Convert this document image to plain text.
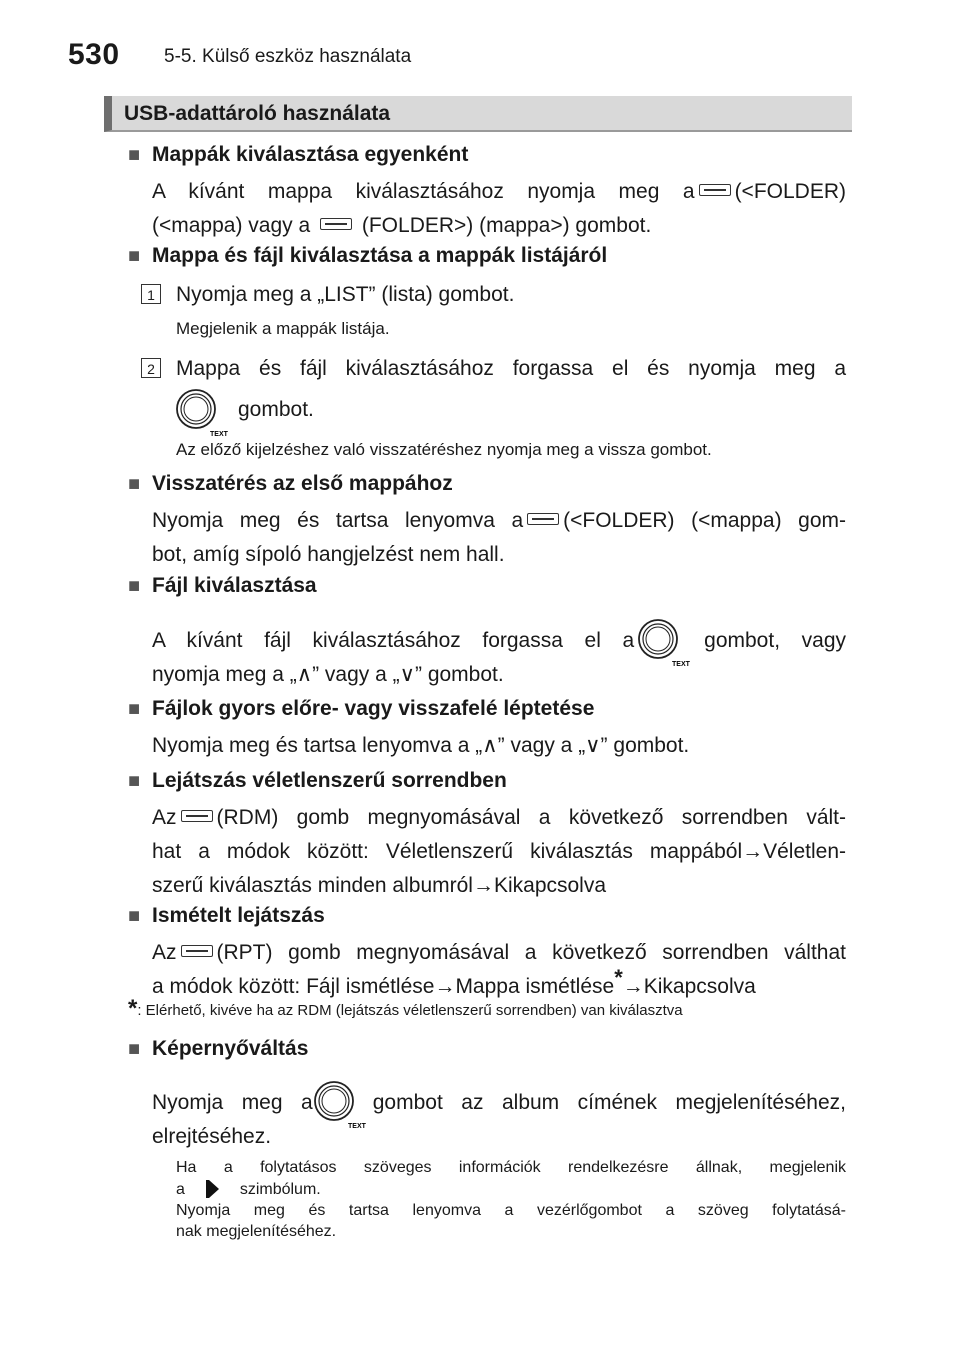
530 5-5. Külső eszköz használata
USB-adattároló használata
■ Mappák kiválasztása egyenként
A kívánt mappa kiválasztásához nyomja meg a (<FOLDER)
(<mappa) vagy a (FOLDER>) (mappa>) gombot.
■ Mappa és fájl kiválasztása a mappák listájáról
1 Nyomja meg a „LIST” (lista) gombot.
Megjelenik a mappák listája.
2 Mappa és fájl kiválasztásához forgassa el és nyomja meg a
TEXT
gombot.
Az előző kijelzéshez való visszatéréshez nyomja meg a vissza gombot.
■ Visszatérés az első mappához
Nyomja meg és tartsa lenyomva a (<FOLDER) (<mappa) gom-
bot, amíg sípoló hangjelzést nem hall.
■ Fájl kiválasztása
A kívánt fájl kiválasztásához forgassa el a	gombot, vagy
TEXT
nyomja meg a „∧” vagy a „∨” gombot.
■ Fájlok gyors előre- vagy visszafelé léptetése
Nyomja meg és tartsa lenyomva a „∧” vagy a „∨” gombot.
■ Lejátszás véletlenszerű sorrendben
Az (RDM) gomb megnyomásával a következő sorrendben vált-
hat a módok között: Véletlenszerű kiválasztás mappából→Véletlen-
szerű kiválasztás minden albumról→Kikapcsolva
■ Ismételt lejátszás
Az (RPT) gomb megnyomásával a következő sorrendben válthat
a módok között: Fájl ismétlése→Mappa ismétlése*→Kikapcsolva
*: Elérhető, kivéve ha az RDM (lejátszás véletlenszerű sorrendben) van kiválasztva
■ Képernyőváltás
Nyomja meg a	gombot az album címének megjelenítéséhez,
TEXT
elrejtéséhez.
Ha a folytatásos szöveges információk rendelkezésre állnak, megjelenik
a	szimbólum.
Nyomja meg és tartsa lenyomva a vezérlőgombot a szöveg folytatásá-
nak megjelenítéséhez.
